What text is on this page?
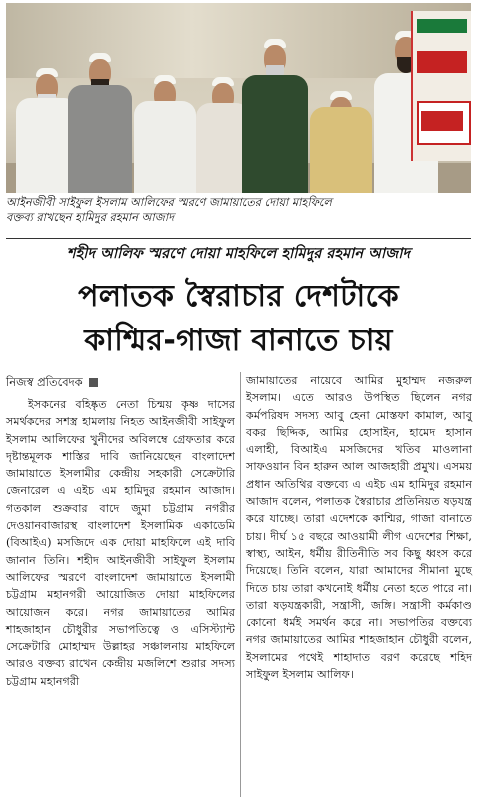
আইনজীবী সাইফুল ইসলাম আলিফের স্মরণে জামায়াতের দোয়া মাহফিলে
বক্তব্য রাখছেন হামিদুর রহমান আজাদ
শহীদ আলিফ স্মরণে দোয়া মাহফিলে হামিদুর রহমান আজাদ
পলাতক স্বৈরাচার দেশটাকে
কাশ্মির-গাজা বানাতে চায়
নিজস্ব প্রতিবেদক
ইসকনের বহিষ্কৃত নেতা চিন্ময় কৃষ্ণ দাসের সমর্থকদের সশস্ত্র হামলায় নিহত আইনজীবী সাইফুল ইসলাম আলিফের খুনীদের অবিলম্বে গ্রেফতার করে দৃষ্টান্তমূলক শাস্তির দাবি জানিয়েছেন বাংলাদেশ জামায়াতে ইসলামীর কেন্দ্রীয় সহকারী সেক্রেটারি জেনারেল এ এইচ এম হামিদুর রহমান আজাদ। গতকাল শুক্রবার বাদে জুমা চট্টগ্রাম নগরীর দেওয়ানবাজারস্থ বাংলাদেশ ইসলামিক একাডেমি (বিআইএ) মসজিদে এক দোয়া মাহফিলে এই দাবি জানান তিনি। শহীদ আইনজীবী সাইফুল ইসলাম আলিফের স্মরণে বাংলাদেশ জামায়াতে ইসলামী চট্টগ্রাম মহানগরী আয়োজিত দোয়া মাহফিলের আয়োজন করে। নগর জামায়াতের আমির শাহজাহান চৌধুরীর সভাপতিত্বে ও এসিস্ট্যান্ট সেক্রেটারি মোহাম্মদ উল্লাহর সঞ্চালনায় মাহফিলে আরও বক্তব্য রাখেন কেন্দ্রীয় মজলিশে শুরার সদস্য চট্টগ্রাম মহানগরী
জামায়াতের নায়েবে আমির মুহাম্মদ নজরুল ইসলাম। এতে আরও উপস্থিত ছিলেন নগর কর্মপরিষদ সদস্য আবু হেনা মোস্তফা কামাল, আবু বকর ছিদ্দিক, আমির হোসাইন, হামেদ হাসান এলাহী, বিআইএ মসজিদের খতিব মাওলানা সাফওয়ান বিন হারুন আল আজহারী প্রমুখ। এসময় প্রধান অতিথির বক্তব্যে এ এইচ এম হামিদুর রহমান আজাদ বলেন, পলাতক স্বৈরাচার প্রতিনিয়ত ষড়যন্ত্র করে যাচ্ছে। তারা এদেশকে কাশ্মির, গাজা বানাতে চায়। দীর্ঘ ১৫ বছরে আওয়ামী লীগ এদেশের শিক্ষা, স্বাস্থ্য, আইন, ধর্মীয় রীতিনীতি সব কিছু ধ্বংস করে দিয়েছে। তিনি বলেন, যারা আমাদের সীমানা মুছে দিতে চায় তারা কখনোই ধর্মীয় নেতা হতে পারে না। তারা ষড়যন্ত্রকারী, সন্ত্রাসী, জঙ্গি। সন্ত্রাসী কর্মকাণ্ড কোনো ধর্মই সমর্থন করে না। সভাপতির বক্তব্যে নগর জামায়াতের আমির শাহজাহান চৌধুরী বলেন, ইসলামের পথেই শাহাদাত বরণ করেছে শহিদ সাইফুল ইসলাম আলিফ।
